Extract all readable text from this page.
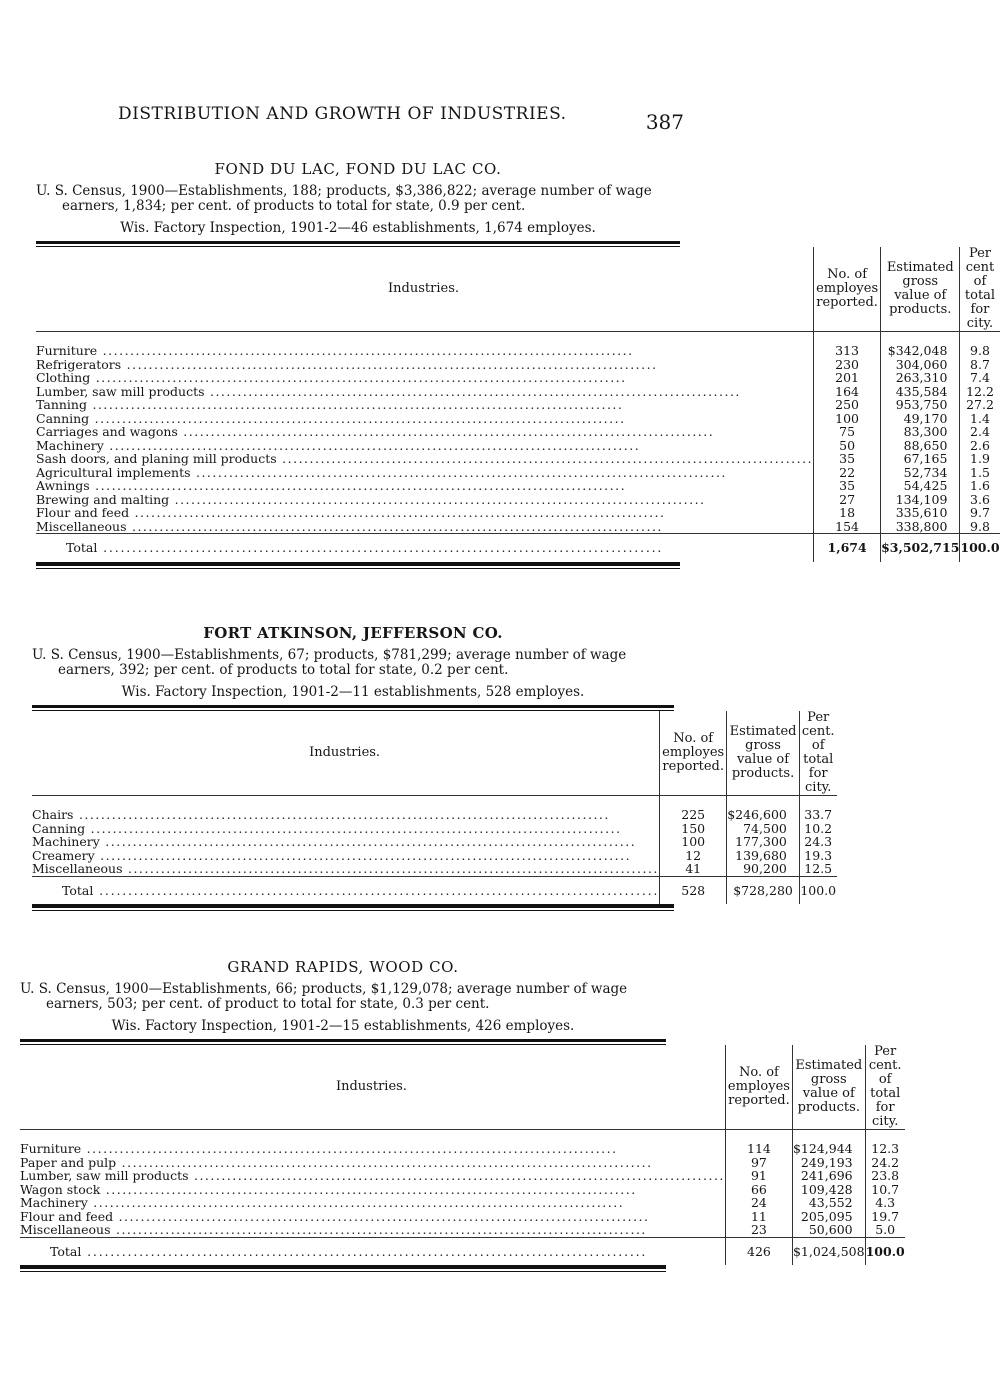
DISTRIBUTION AND GROWTH OF INDUSTRIES.	387
FOND DU LAC, FOND DU LAC CO.

U. S. Census, 1900—Establishments, 188; products, $3,386,822; average number of wage earners, 1,834; per cent. of products to total for state, 0.9 per cent.

Wis. Factory Inspection, 1901-2—46 establishments, 1,674 employes.
Industries.	No. of employes reported.	Estimated gross value of products.	Per cent of total for city.

Furniture .....	313	$342,048	9.8

Refrigerators .....	230	304,060	8.7

Clothing .....	201	263,310	7.4

Lumber, saw mill products .....	164	435,584	12.2

Tanning .....	250	953,750	27.2

Canning .....	100	49,170	1.4

Carriages and wagons .....	75	83,300	2.4

Machinery .....	50	88,650	2.6

Sash doors, and planing mill products .....	35	67,165	1.9

Agricultural implements .....	22	52,734	1.5

Awnings .....	35	54,425	1.6

Brewing and malting .....	27	134,109	3.6

Flour and feed .....	18	335,610	9.7

Miscellaneous .....	154	338,800	9.8

Total .....	1,674	$3,502,715	100.0
FORT ATKINSON, JEFFERSON CO.

U. S. Census, 1900—Establishments, 67; products, $781,299; average number of wage earners, 392; per cent. of products to total for state, 0.2 per cent.

Wis. Factory Inspection, 1901-2—11 establishments, 528 employes.
Industries.	No. of employes reported.	Estimated gross value of products.	Per cent. of total for city.

Chairs .....	225	$246,600	33.7

Canning .....	150	74,500	10.2

Machinery .....	100	177,300	24.3

Creamery .....	12	139,680	19.3

Miscellaneous .....	41	90,200	12.5

Total .....	528	$728,280	100.0
GRAND RAPIDS, WOOD CO.

U. S. Census, 1900—Establishments, 66; products, $1,129,078; average number of wage earners, 503; per cent. of product to total for state, 0.3 per cent.

Wis. Factory Inspection, 1901-2—15 establishments, 426 employes.
Industries.	No. of employes reported.	Estimated gross value of products.	Per cent. of total for city.

Furniture .....	114	$124,944	12.3

Paper and pulp .....	97	249,193	24.2

Lumber, saw mill products .....	91	241,696	23.8

Wagon stock .....	66	109,428	10.7

Machinery .....	24	43,552	4.3

Flour and feed .....	11	205,095	19.7

Miscellaneous .....	23	50,600	5.0

Total .....	426	$1,024,508	100.0
